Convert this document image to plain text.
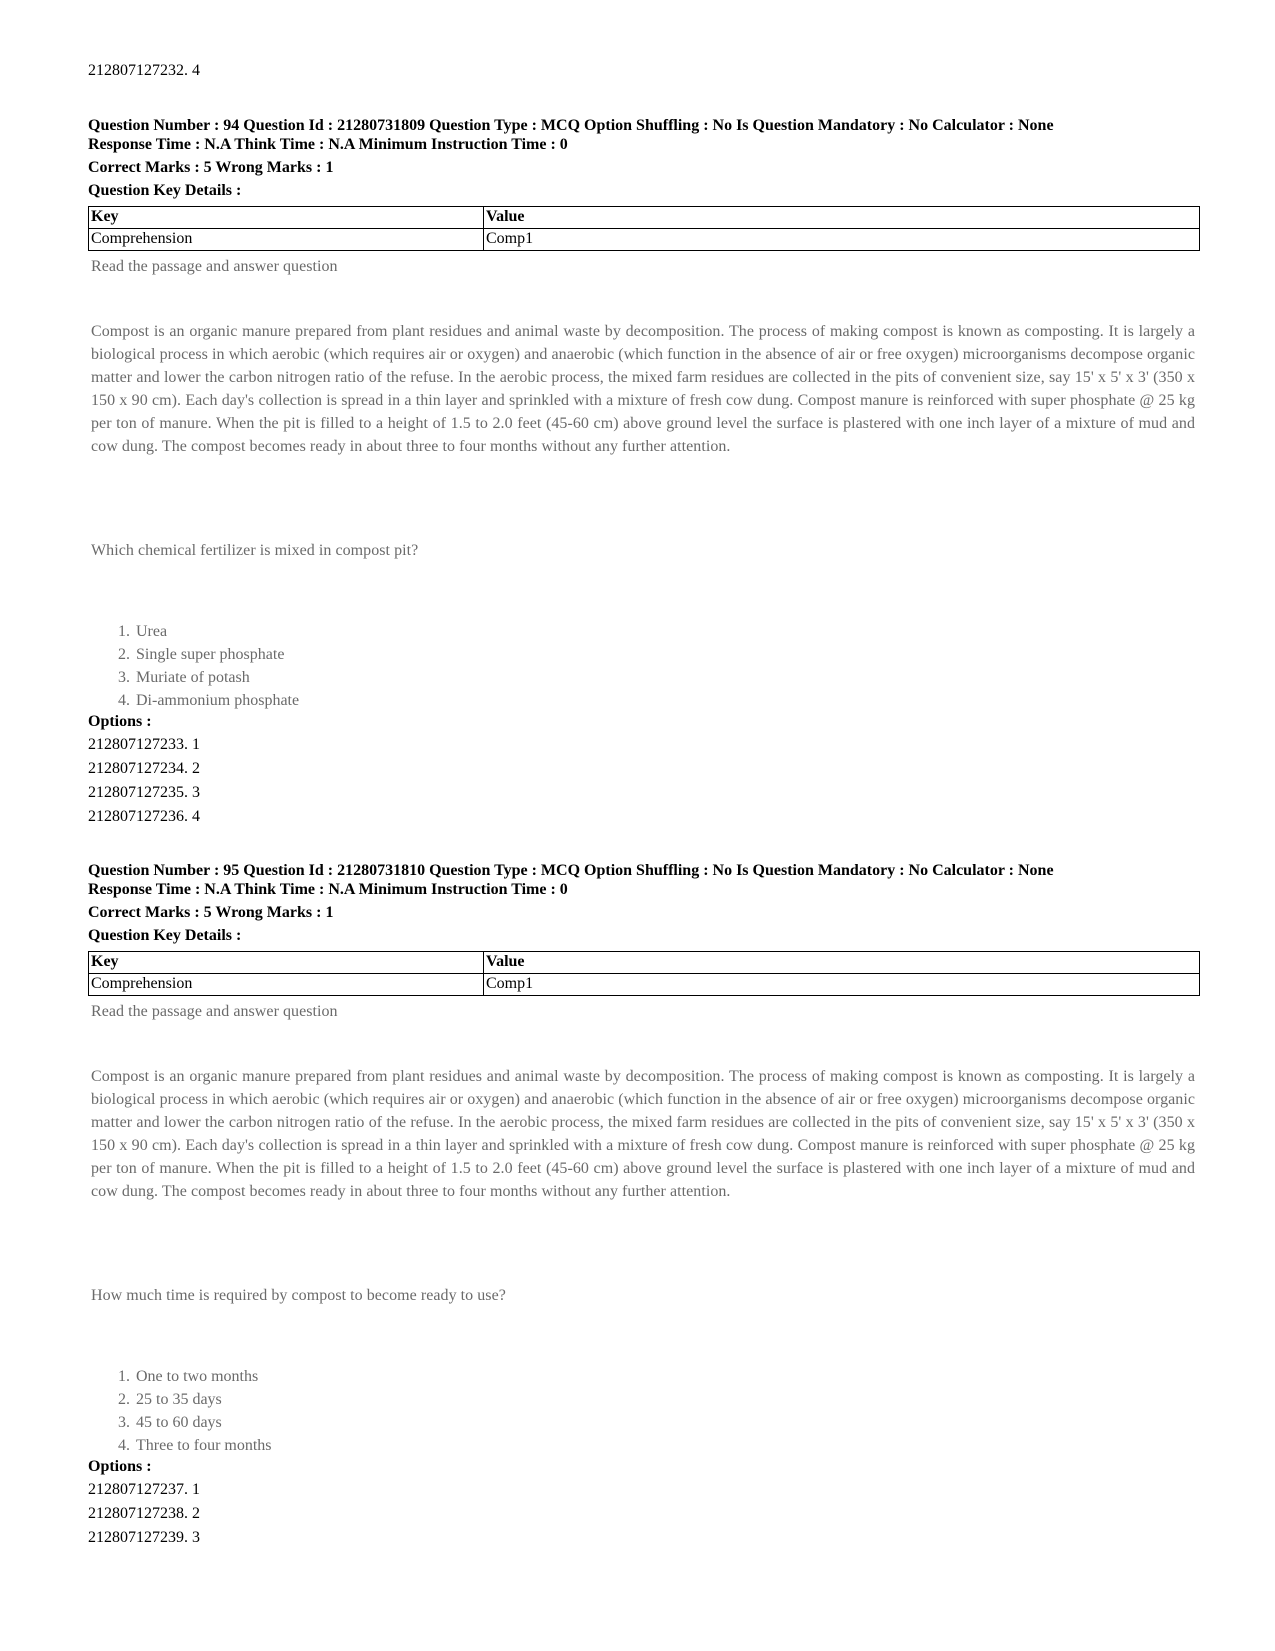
212807127232. 4
Question Number : 94 Question Id : 21280731809 Question Type : MCQ Option Shuffling : No Is Question Mandatory : No Calculator : None
Response Time : N.A Think Time : N.A Minimum Instruction Time : 0
Correct Marks : 5 Wrong Marks : 1
Question Key Details :
Key	Value
Comprehension	Comp1
Read the passage and answer question
Compost is an organic manure prepared from plant residues and animal waste by decomposition. The process of making compost is known as composting. It is largely a biological process in which aerobic (which requires air or oxygen) and anaerobic (which function in the absence of air or free oxygen) microorganisms decompose organic matter and lower the carbon nitrogen ratio of the refuse. In the aerobic process, the mixed farm residues are collected in the pits of convenient size, say 15' x 5' x 3' (350 x 150 x 90 cm). Each day's collection is spread in a thin layer and sprinkled with a mixture of fresh cow dung. Compost manure is reinforced with super phosphate @ 25 kg per ton of manure. When the pit is filled to a height of 1.5 to 2.0 feet (45-60 cm) above ground level the surface is plastered with one inch layer of a mixture of mud and cow dung. The compost becomes ready in about three to four months without any further attention.
Which chemical fertilizer is mixed in compost pit?
1. Urea
2. Single super phosphate
3. Muriate of potash
4. Di-ammonium phosphate
Options :
212807127233. 1
212807127234. 2
212807127235. 3
212807127236. 4
Question Number : 95 Question Id : 21280731810 Question Type : MCQ Option Shuffling : No Is Question Mandatory : No Calculator : None
Response Time : N.A Think Time : N.A Minimum Instruction Time : 0
Correct Marks : 5 Wrong Marks : 1
Question Key Details :
Key	Value
Comprehension	Comp1
Read the passage and answer question
Compost is an organic manure prepared from plant residues and animal waste by decomposition. The process of making compost is known as composting. It is largely a biological process in which aerobic (which requires air or oxygen) and anaerobic (which function in the absence of air or free oxygen) microorganisms decompose organic matter and lower the carbon nitrogen ratio of the refuse. In the aerobic process, the mixed farm residues are collected in the pits of convenient size, say 15' x 5' x 3' (350 x 150 x 90 cm). Each day's collection is spread in a thin layer and sprinkled with a mixture of fresh cow dung. Compost manure is reinforced with super phosphate @ 25 kg per ton of manure. When the pit is filled to a height of 1.5 to 2.0 feet (45-60 cm) above ground level the surface is plastered with one inch layer of a mixture of mud and cow dung. The compost becomes ready in about three to four months without any further attention.
How much time is required by compost to become ready to use?
1. One to two months
2. 25 to 35 days
3. 45 to 60 days
4. Three to four months
Options :
212807127237. 1
212807127238. 2
212807127239. 3
